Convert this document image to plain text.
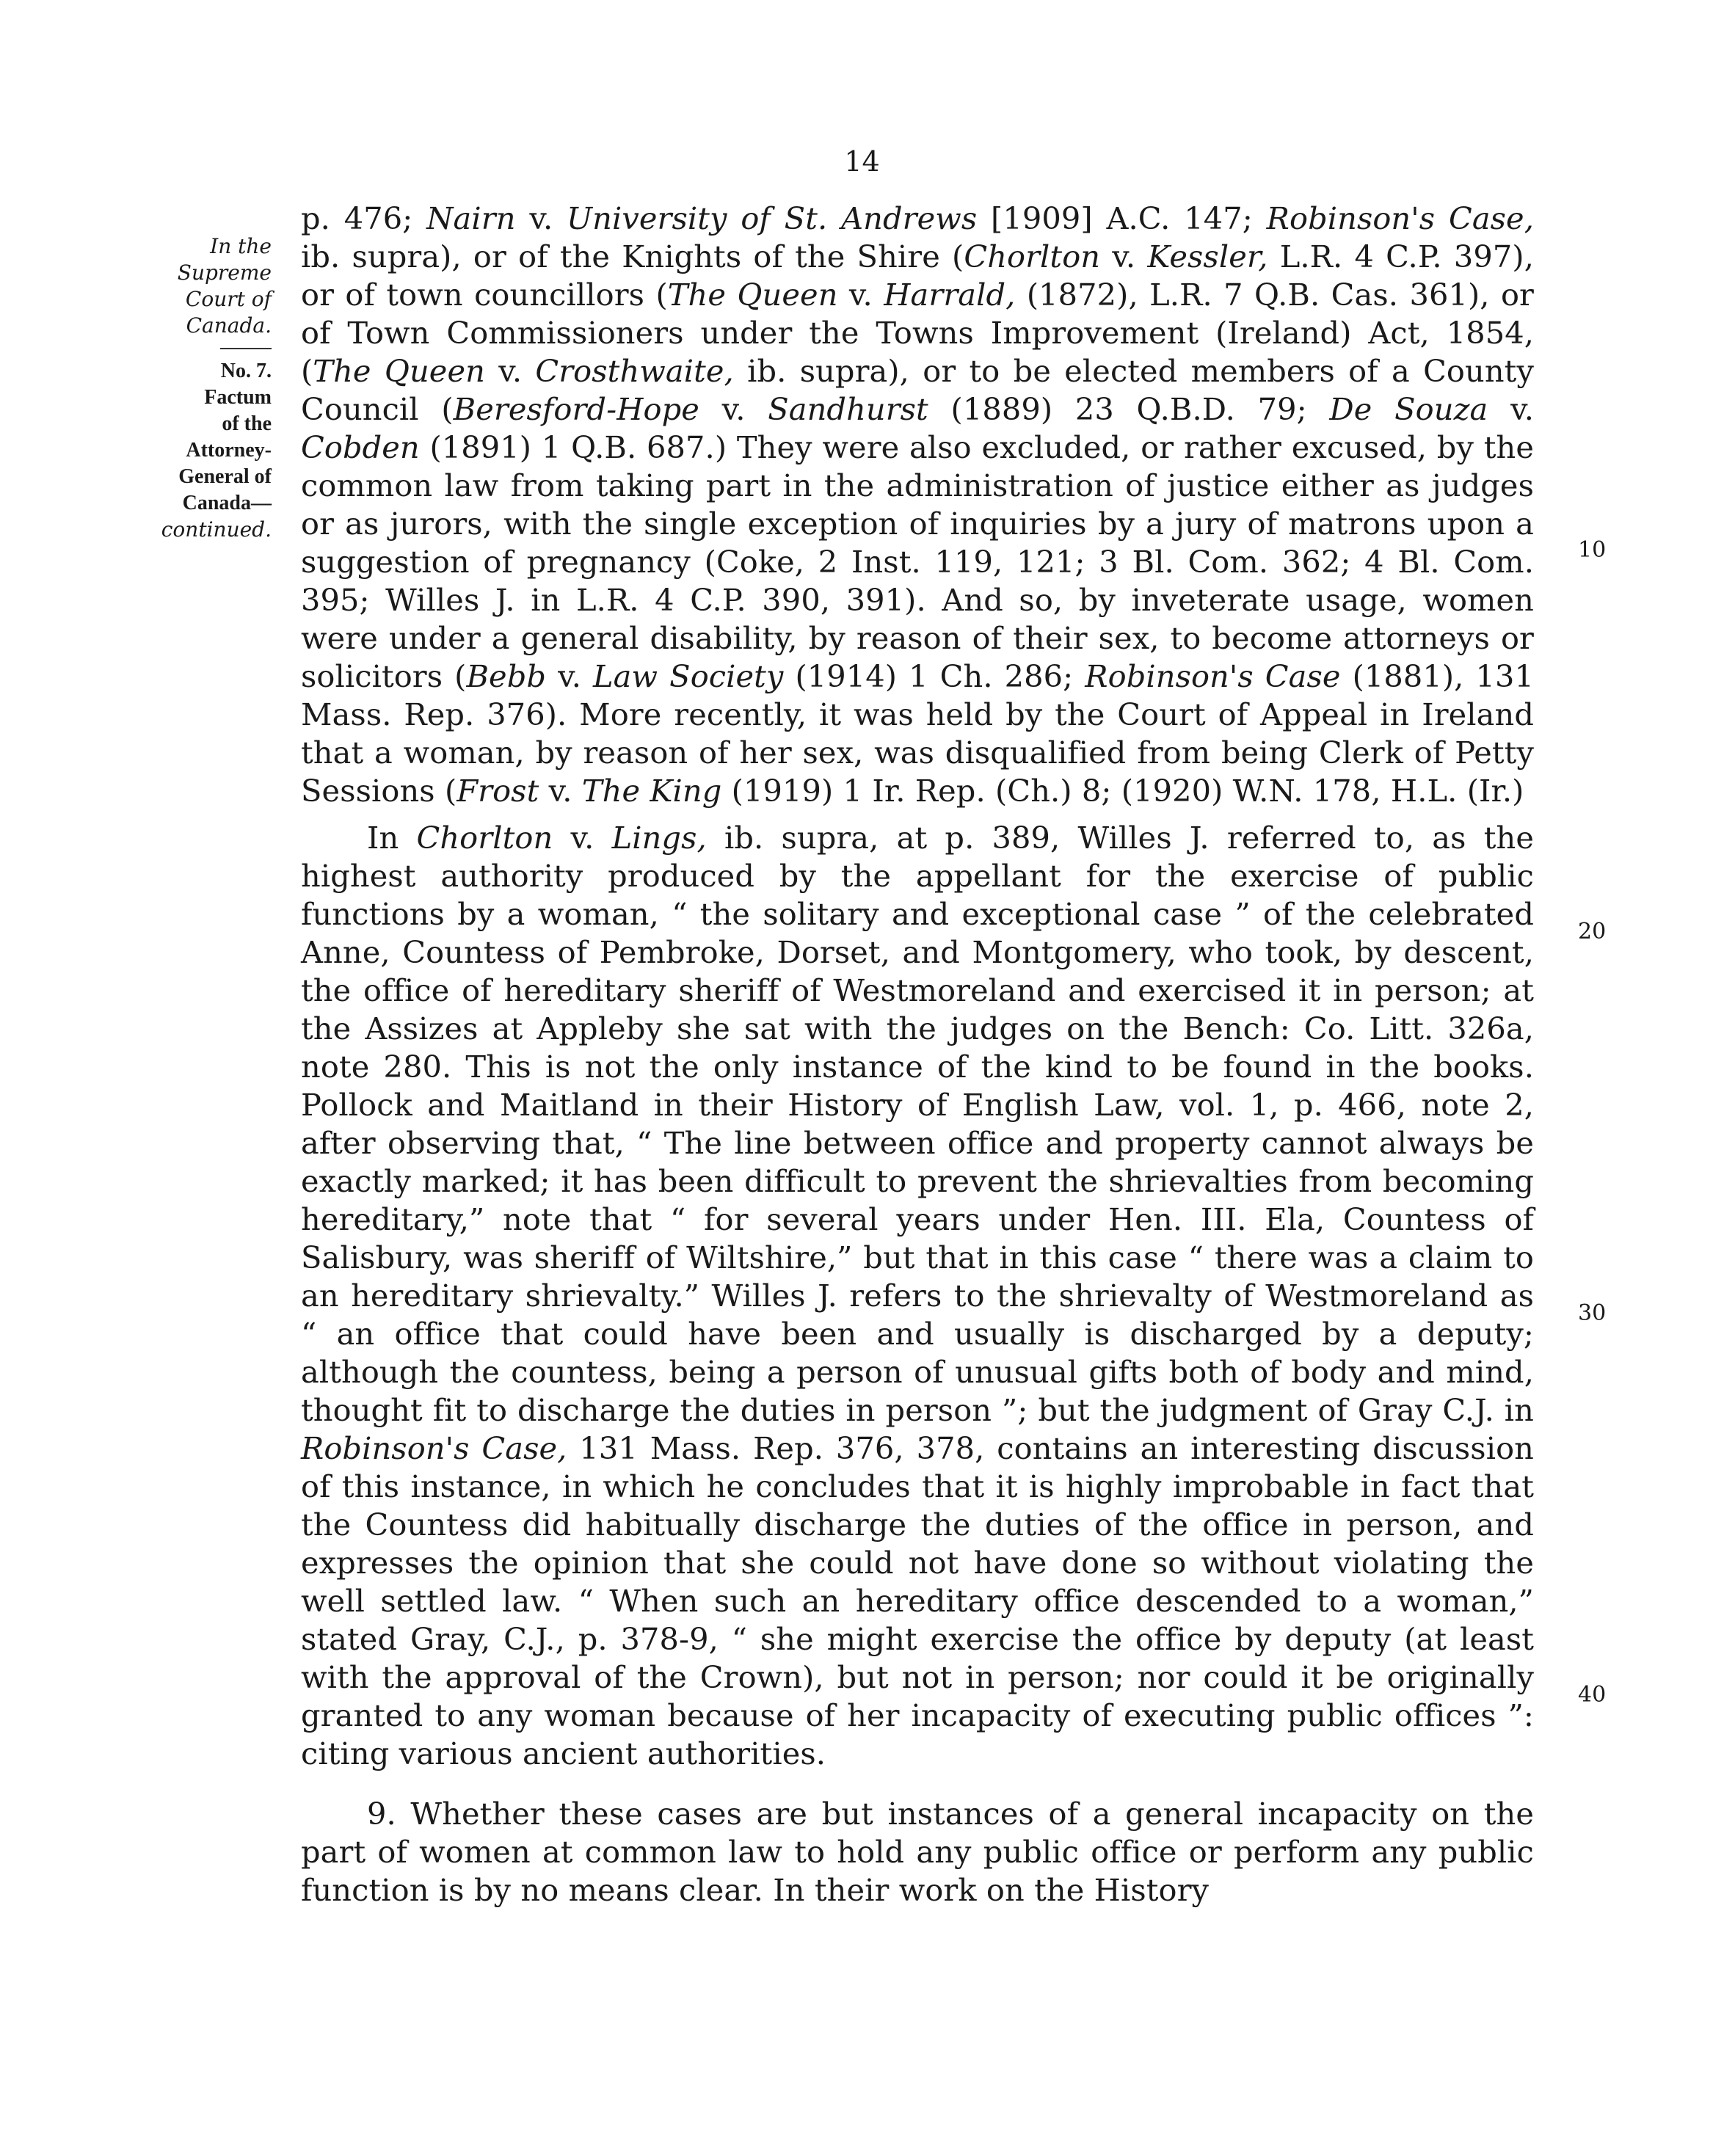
14
In the
Supreme
Court of
Canada.
No. 7.
Factum
of the
Attorney-
General of
Canada—
continued.

p. 476; Nairn v. University of St. Andrews [1909] A.C. 147; Robinson's Case, ib. supra), or of the Knights of the Shire (Chorlton v. Kessler, L.R. 4 C.P. 397), or of town councillors (The Queen v. Harrald, (1872), L.R. 7 Q.B. Cas. 361), or of Town Commissioners under the Towns Improvement (Ireland) Act, 1854, (The Queen v. Crosthwaite, ib. supra), or to be elected members of a County Council (Beresford-Hope v. Sandhurst (1889) 23 Q.B.D. 79; De Souza v. Cobden (1891) 1 Q.B. 687.) They were also excluded, or rather excused, by the common law from taking part in the administration of justice either as judges or as jurors, with the single exception of inquiries by a jury of matrons upon a suggestion of pregnancy (Coke, 2 Inst. 119, 121; 3 Bl. Com. 362; 4 Bl. Com. 395; Willes J. in L.R. 4 C.P. 390, 391). And so, by inveterate usage, women were under a general disability, by reason of their sex, to become attorneys or solicitors (Bebb v. Law Society (1914) 1 Ch. 286; Robinson's Case (1881), 131 Mass. Rep. 376). More recently, it was held by the Court of Appeal in Ireland that a woman, by reason of her sex, was disqualified from being Clerk of Petty Sessions (Frost v. The King (1919) 1 Ir. Rep. (Ch.) 8; (1920) W.N. 178, H.L. (Ir.)

In Chorlton v. Lings, ib. supra, at p. 389, Willes J. referred to, as the highest authority produced by the appellant for the exercise of public functions by a woman, “ the solitary and exceptional case ” of the celebrated Anne, Countess of Pembroke, Dorset, and Montgomery, who took, by descent, the office of hereditary sheriff of Westmoreland and exercised it in person; at the Assizes at Appleby she sat with the judges on the Bench: Co. Litt. 326a, note 280. This is not the only instance of the kind to be found in the books. Pollock and Maitland in their History of English Law, vol. 1, p. 466, note 2, after observing that, “ The line between office and property cannot always be exactly marked; it has been difficult to prevent the shrievalties from becoming hereditary,” note that “ for several years under Hen. III. Ela, Countess of Salisbury, was sheriff of Wiltshire,” but that in this case “ there was a claim to an hereditary shrievalty.” Willes J. refers to the shrievalty of Westmoreland as “ an office that could have been and usually is discharged by a deputy; although the countess, being a person of unusual gifts both of body and mind, thought fit to discharge the duties in person ”; but the judgment of Gray C.J. in Robinson's Case, 131 Mass. Rep. 376, 378, contains an interesting discussion of this instance, in which he concludes that it is highly improbable in fact that the Countess did habitually discharge the duties of the office in person, and expresses the opinion that she could not have done so without violating the well settled law. “ When such an hereditary office descended to a woman,” stated Gray, C.J., p. 378-9, “ she might exercise the office by deputy (at least with the approval of the Crown), but not in person; nor could it be originally granted to any woman because of her incapacity of executing public offices ”: citing various ancient authorities.

9. Whether these cases are but instances of a general incapacity on the part of women at common law to hold any public office or perform any public function is by no means clear. In their work on the History

10
20
30
40
